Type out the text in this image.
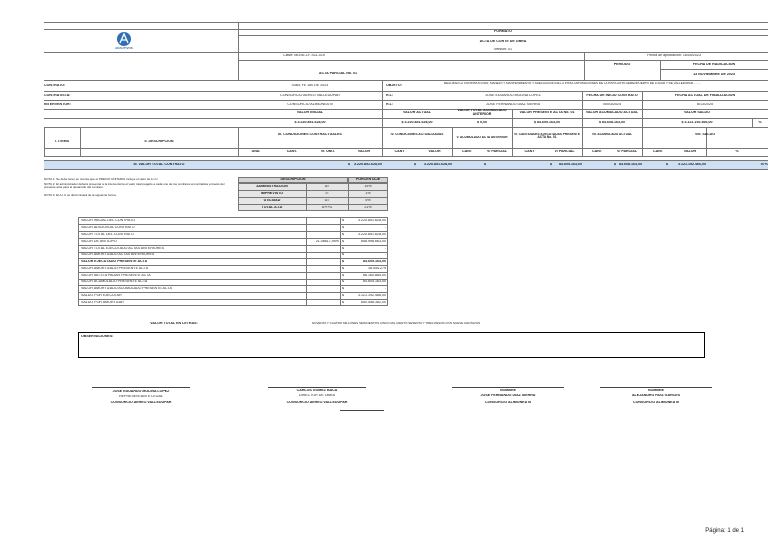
ARAUTIVOS
FORMATO
ACTA DE CORTE DE OBRA
Versión: 01
Clave: MOSE-LF-S11-019	Fecha de aprobación: 16/05/2023
PERIODO	FECHA DE RADICACIÓN
13 NOVIEMBRE DE 2024
ACTA PARCIAL No. 01
CONTRATO:	038/1 FE 160 DE 2023	OBJETO:	REALIZAR LA CONSTRUCCIÓN, MANEJO Y MANTENIMIENTO Y ADECUACIÓN DE LA PISTA ANTOMACIONES DE LA PISTA ANTO AEREOPUERTO DE LUGAR Y DE VALLEDUPAR..........
CONTRATISTA:	CONSORCIO AEREO VALLEDUPAR	R.L:	JOSE EDUARDO MOLINA LOPEZ	FECHA DE INICIO CONTRATO	FECHA ACTUAL DE FINALIZACIÓN
INTERVENTOR:	CONSORCIO ALIMONEA III	R.L:	JOSE FERNANDO DIAZ SIERRA	05/03/2024	8/13/2025
VALOR INICIAL	VALOR ACTUAL	VALOR TOTAL ACUMULADO ANTERIOR	VALOR PRESENTE ACTA No. 01	VALOR ACUMULADO ACTUAL	VALOR SALDO
$ 3.220.851.628,00	$ 3.220.851.628,00	$ 0,00	$ 84.605.163,00	$ 84.608.163,00	$ 3.121.192.466,00	%
I. ITEMS	II. DESCRIPCIÓN
III. CONDICIONES CONTRACTUALES	IV. CONDICIONES ACTUALIZADAS
V. ACUMULADO ACTA ANTERIOR
VI. CANTIDADES EJECUTADAS PRESENTE ACTA No. 01
VII. ACUMULADO ACTUAL	VIII. SALDO
UND.	CANT.	Vr. UNIT.	VALOR	CANT	VALOR	CANT	V/ PARCIAL	CANT	V/ PARCIAL	CANT	V/ PARCIAL	CANT	VALOR	%
III. VALOR TOTAL CONTRATO	$	3.220.851.628,00	$	3.220.851.628,00	$	$	84.605.163,00	$ 84.608.163,00	$	3.121.192.466,00	97%
NOTA 1: Se debe tener en cuenta que el PRECIO UNITARIO incluye el valor de A.I.U.
NOTA 2: El administrador deberá presentar a la interventoría el valor total pagado a cada uno de los contratos al contratista a través del presente acta para el desarrollo del contrato.
NOTA 3: El A.I.U se discriminará de la siguiente forma.
DESCRIPCIÓN	PORCENTAJE
ADMINISTRACIÓN	A=	15%
IMPREVISTO	I=	1%
UTILIDAD	U=	5%
TOTAL A.I.U	A+I+U	21%
VALOR INICIAL DEL CONTRATO	$	3.220.851.628,00
VALOR ADICIÓN AL CONTRATO	$	-
VALOR TOTAL DEL CONTRATO	$	3.220.851.628,00
VALOR DE ANTICIPO	21.08617,95% $	658.998.663,00
VALOR TOTAL EJECUTADO ACTAS ANTERIORES	$	-
VALOR AMORTIZADO ACTAS ANTERIORES	$	-
VALOR EJECUTADO PRESENTE ACTA	$	84.605.163,00
VALOR AMORTIZADO PRESENTE ACTA	$	18.444.279
VALOR NETO A PAGAR PRESENTE ACTA	$	66.160.884,00
VALOR ACUMULADO PRESENTE ACTA	$	84.605.163,00
VALOR AMORTIZADO ACUMULADO PRESENTE ACTA	$	-
SALDO POR EJECUTAR	$	3.121.192.466,00
SALDO POR AMORTIZAR	$	650.558.362,00
VALOR TOTAL EN LETRAS:	NOVENTA Y CUATRO MILLONES SEISCIENTOS CINCO MIL CIENTO SESENTA Y TRES PESOS CON NUEVE CENTAVOS
OBSERVACIONES:
JOSE EDUARDO MOLINA LOPEZ
REPRESENTANTE LEGAL
CONSORCIO AEREO VALLEDUPAR
CARLOS GOMEZ BACA
DIRECTOR DE OBRA
CONSORCIO AEREO VALLEDUPAR
NOMBRE
JOSE FERNANDO DIAZ SIERRA
CONSORCIO ALIMONEA III
NOMBRE
ALEJANDRO RUIZ GARCES
CONSORCIO ALIMONEA III
Página: 1 de 1
